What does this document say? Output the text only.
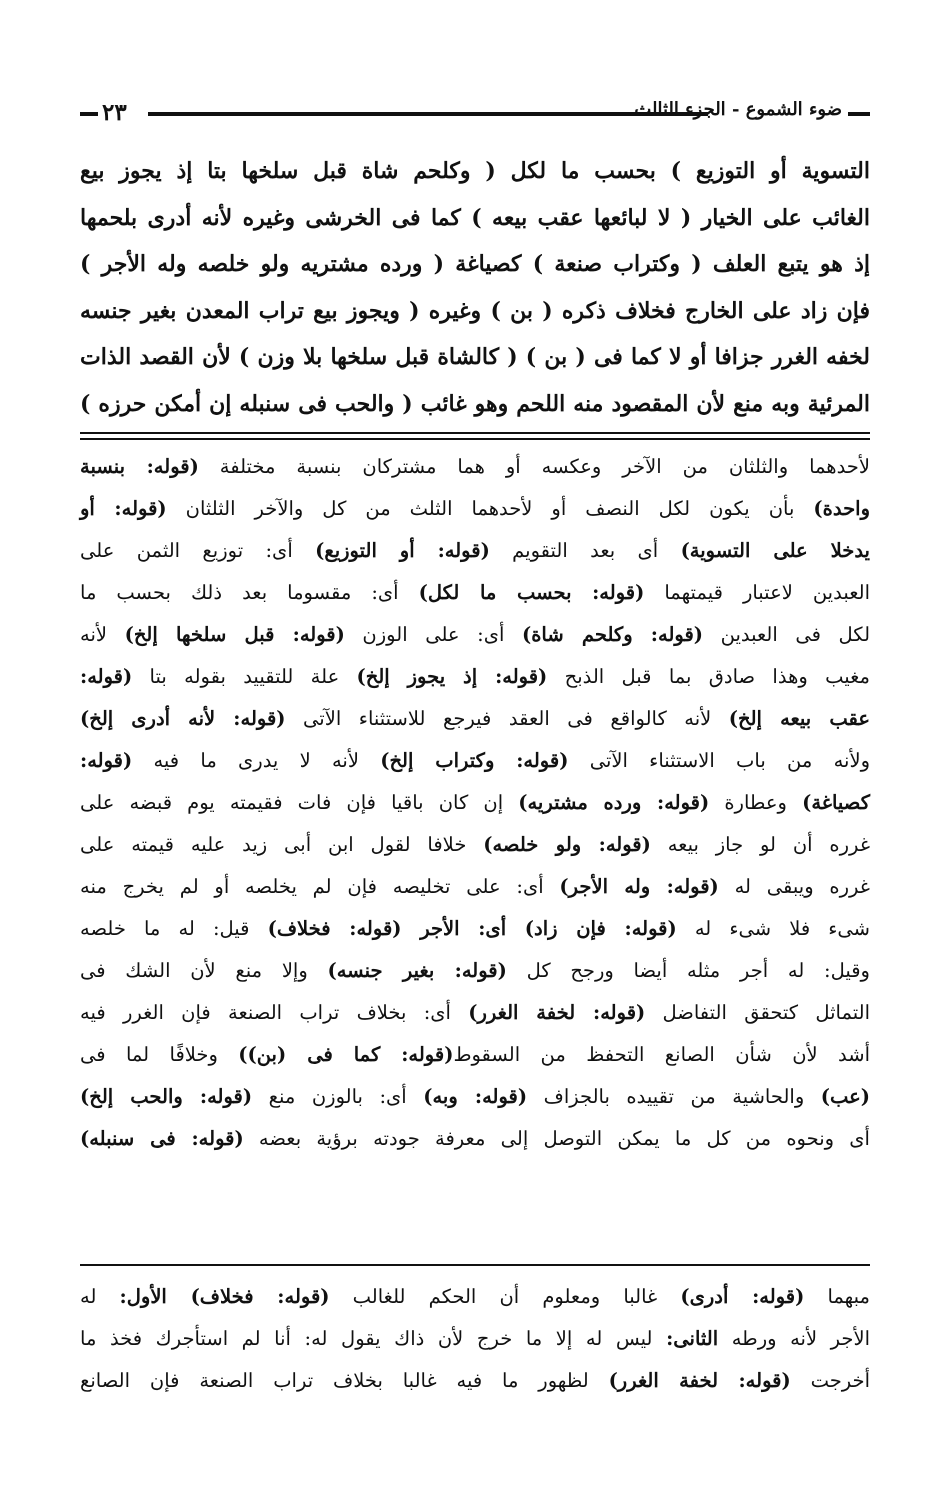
٢٣	ضوء الشموع - الجزء الثالث

التسوية أو التوزيع ) بحسب ما لكل ( وكلحم شاة قبل سلخها بتا إذ يجوز بيع

الغائب على الخيار ( لا لبائعها عقب بيعه ) كما فى الخرشى وغيره لأنه أدرى بلحمها

إذ هو يتبع العلف ( وكتراب صنعة ) كصياغة ( ورده مشتريه ولو خلصه وله الأجر )

فإن زاد على الخارج فخلاف ذكره ( بن ) وغيره ( ويجوز بيع تراب المعدن بغير جنسه

لخفه الغرر جزافا أو لا كما فى ( بن ) ( كالشاة قبل سلخها بلا وزن ) لأن القصد الذات

المرئية وبه منع لأن المقصود منه اللحم وهو غائب ( والحب فى سنبله إن أمكن حرزه )

لأحدهما والثلثان من الآخر وعكسه أو هما مشتركان بنسبة مختلفة (قوله: بنسبة

واحدة) بأن يكون لكل النصف أو لأحدهما الثلث من كل والآخر الثلثان (قوله: أو

يدخلا على التسوية) أى بعد التقويم (قوله: أو التوزيع) أى: توزيع الثمن على

العبدين لاعتبار قيمتهما (قوله: بحسب ما لكل) أى: مقسوما بعد ذلك بحسب ما

لكل فى العبدين (قوله: وكلحم شاة) أى: على الوزن (قوله: قبل سلخها إلخ) لأنه

مغيب وهذا صادق بما قبل الذبح (قوله: إذ يجوز إلخ) علة للتقييد بقوله بتا (قوله:

عقب بيعه إلخ) لأنه كالواقع فى العقد فيرجع للاستثناء الآتى (قوله: لأنه أدرى إلخ)

ولأنه من باب الاستثناء الآتى (قوله: وكتراب إلخ) لأنه لا يدرى ما فيه (قوله:

كصياغة) وعطارة (قوله: ورده مشتريه) إن كان باقيا فإن فات فقيمته يوم قبضه على

غرره أن لو جاز بيعه (قوله: ولو خلصه) خلافا لقول ابن أبى زيد عليه قيمته على

غرره ويبقى له (قوله: وله الأجر) أى: على تخليصه فإن لم يخلصه أو لم يخرج منه

شىء فلا شىء له (قوله: فإن زاد) أى: الأجر (قوله: فخلاف) قيل: له ما خلصه

وقيل: له أجر مثله أيضا ورجح كل (قوله: بغير جنسه) وإلا منع لأن الشك فى

التماثل كتحقق التفاضل (قوله: لخفة الغرر) أى: بخلاف تراب الصنعة فإن الغرر فيه

أشد لأن شأن الصانع التحفظ من السقوط(قوله: كما فى (بن)) وخلافًا لما فى

(عب) والحاشية من تقييده بالجزاف (قوله: وبه) أى: بالوزن منع (قوله: والحب إلخ)

أى ونحوه من كل ما يمكن التوصل إلى معرفة جودته برؤية بعضه (قوله: فى سنبله)

مبهما (قوله: أدرى) غالبا ومعلوم أن الحكم للغالب (قوله: فخلاف) الأول: له

الأجر لأنه ورطه الثانى: ليس له إلا ما خرج لأن ذاك يقول له: أنا لم استأجرك فخذ ما

أخرجت (قوله: لخفة الغرر) لظهور ما فيه غالبا بخلاف تراب الصنعة فإن الصانع
